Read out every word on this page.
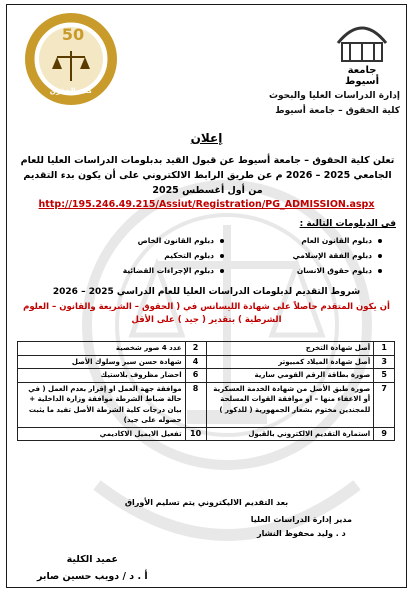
50
كلية الحقوق
جامعة أسيوط
إدارة الدراسات العليا والبحوث
كلية الحقوق – جامعة أسيوط
إعلان
تعلن كلية الحقوق – جامعة أسيوط عن قبول القيد بدبلومات الدراسات العليا للعام الجامعي 2025 – 2026 م عن طريق الرابط الالكتروني على أن يكون بدء التقديم من أول أغسطس 2025
http://195.246.49.215/Assiut/Registration/PG_ADMISSION.aspx
في الدبلومات التالية :
دبلوم القانون العام
دبلوم الفقة الإسلامي
دبلوم حقوق الانسان
دبلوم القانون الخاص
دبلوم التحكيم
دبلوم الإجراءات القضائية
شروط التقديم لدبلومات الدراسات العليا للعام الدراسي 2025 – 2026
أن يكون المتقدم حاصلاً على شهادة الليسانس في ( الحقوق – الشريعة والقانون – العلوم الشرطية ) بتقدير ( جيد ) على الأقل
1	أصل شهادة التخرج	2	عدد 4 صور شخصية
3	أصل شهادة الميلاد كمبيوتر	4	شهادة حسن سير وسلوك الأصل
5	صورة بطاقة الرقم القومي سارية	6	احضار مظروف بلاستيك
7	صورة طبق الأصل من شهادة الخدمة العسكرية أو الاعفاء منها – او موافقة القوات المسلحة للمجندين مختوم بشعار الجمهورية ( للذكور )	8	موافقة جهة العمل او إقرار بعدم العمل ( في حالة ضباط الشرطة موافقة وزارة الداخلية + بيان درجات كلية الشرطة الأصل تفيد ما يثبت حصوله على جيد)
9	استمارة التقديم الالكتروني بالقبول	10	تفعيل الايميل الاكاديمي
بعد التقديم الاليكتروني يتم تسليم الأوراق
مدير إدارة الدراسات العليا
د . وليد محفوظ النشار
عميد الكلية
أ . د / دويب حسين صابر
